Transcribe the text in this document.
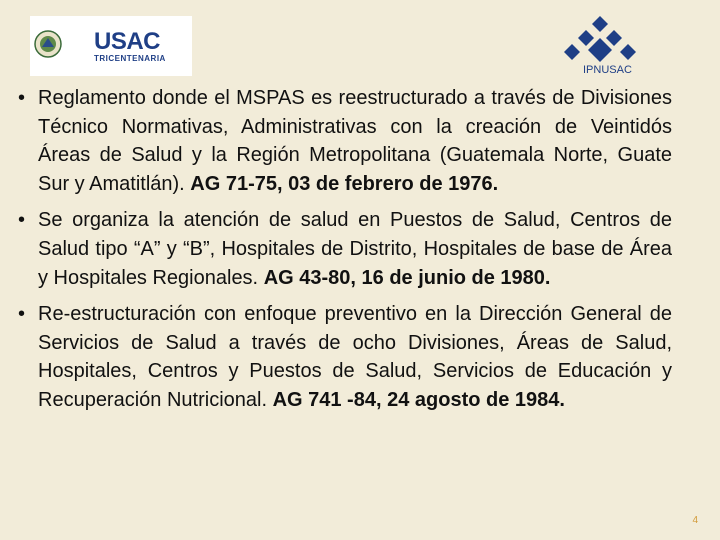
USAC
TRICENTENARIA
IPNUSAC
• Reglamento donde el MSPAS es reestructurado a través de Divisiones Técnico Normativas, Administrativas con la creación de Veintidós Áreas de Salud y la Región Metropolitana (Guatemala Norte, Guate Sur y Amatitlán). AG 71-75, 03 de febrero de 1976.
• Se organiza la atención de salud en Puestos de Salud, Centros de Salud tipo “A” y “B”, Hospitales de Distrito, Hospitales de base de Área y Hospitales Regionales. AG 43-80, 16 de junio de 1980.
• Re-estructuración con enfoque preventivo en la Dirección General de Servicios de Salud a través de ocho Divisiones, Áreas de Salud, Hospitales, Centros y Puestos de Salud, Servicios de Educación y Recuperación Nutricional. AG 741 -84, 24 agosto de 1984.
4
